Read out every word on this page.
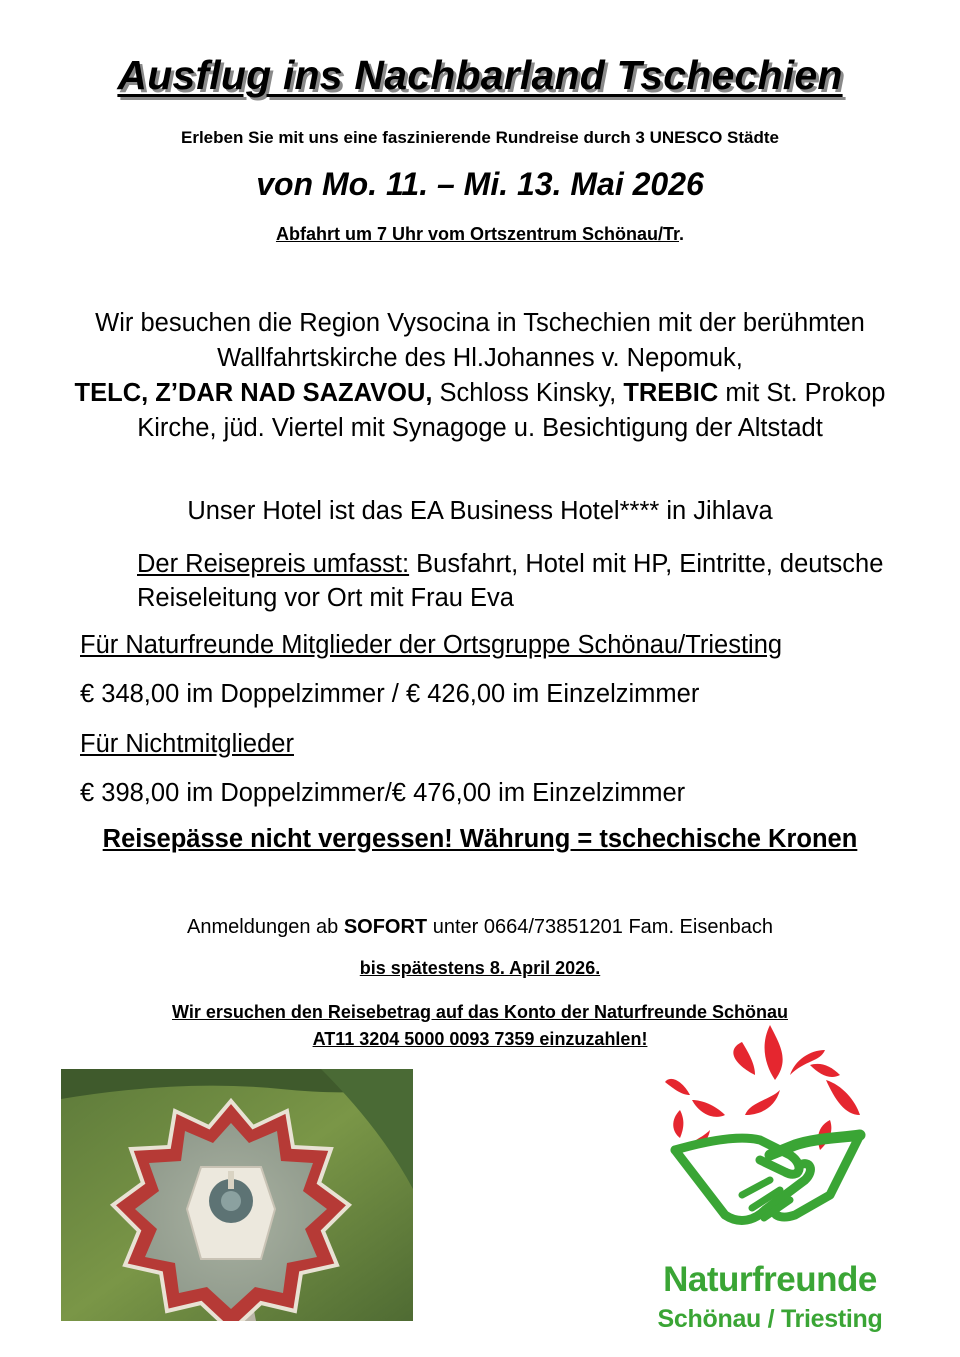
Ausflug ins Nachbarland Tschechien
Erleben Sie mit uns eine faszinierende Rundreise durch 3 UNESCO Städte
von Mo. 11. – Mi. 13. Mai 2026
Abfahrt um 7 Uhr vom Ortszentrum Schönau/Tr.
Wir besuchen die Region Vysocina in Tschechien mit der berühmten Wallfahrtskirche des Hl.Johannes v. Nepomuk,
TELC, Z’DAR NAD SAZAVOU, Schloss Kinsky, TREBIC mit St. Prokop Kirche, jüd. Viertel mit Synagoge u. Besichtigung der Altstadt
Unser Hotel ist das EA Business Hotel**** in Jihlava
Der Reisepreis umfasst: Busfahrt, Hotel mit HP, Eintritte, deutsche Reiseleitung vor Ort mit Frau Eva
Für Naturfreunde Mitglieder der Ortsgruppe Schönau/Triesting
€ 348,00 im Doppelzimmer / € 426,00 im Einzelzimmer
Für Nichtmitglieder
€ 398,00 im Doppelzimmer/€ 476,00 im Einzelzimmer
Reisepässe nicht vergessen! Währung = tschechische Kronen
Anmeldungen ab SOFORT unter 0664/73851201 Fam. Eisenbach
bis spätestens 8. April 2026.
Wir ersuchen den Reisebetrag auf das Konto der Naturfreunde Schönau
AT11 3204 5000 0093 7359 einzuzahlen!
Naturfreunde
Schönau / Triesting
